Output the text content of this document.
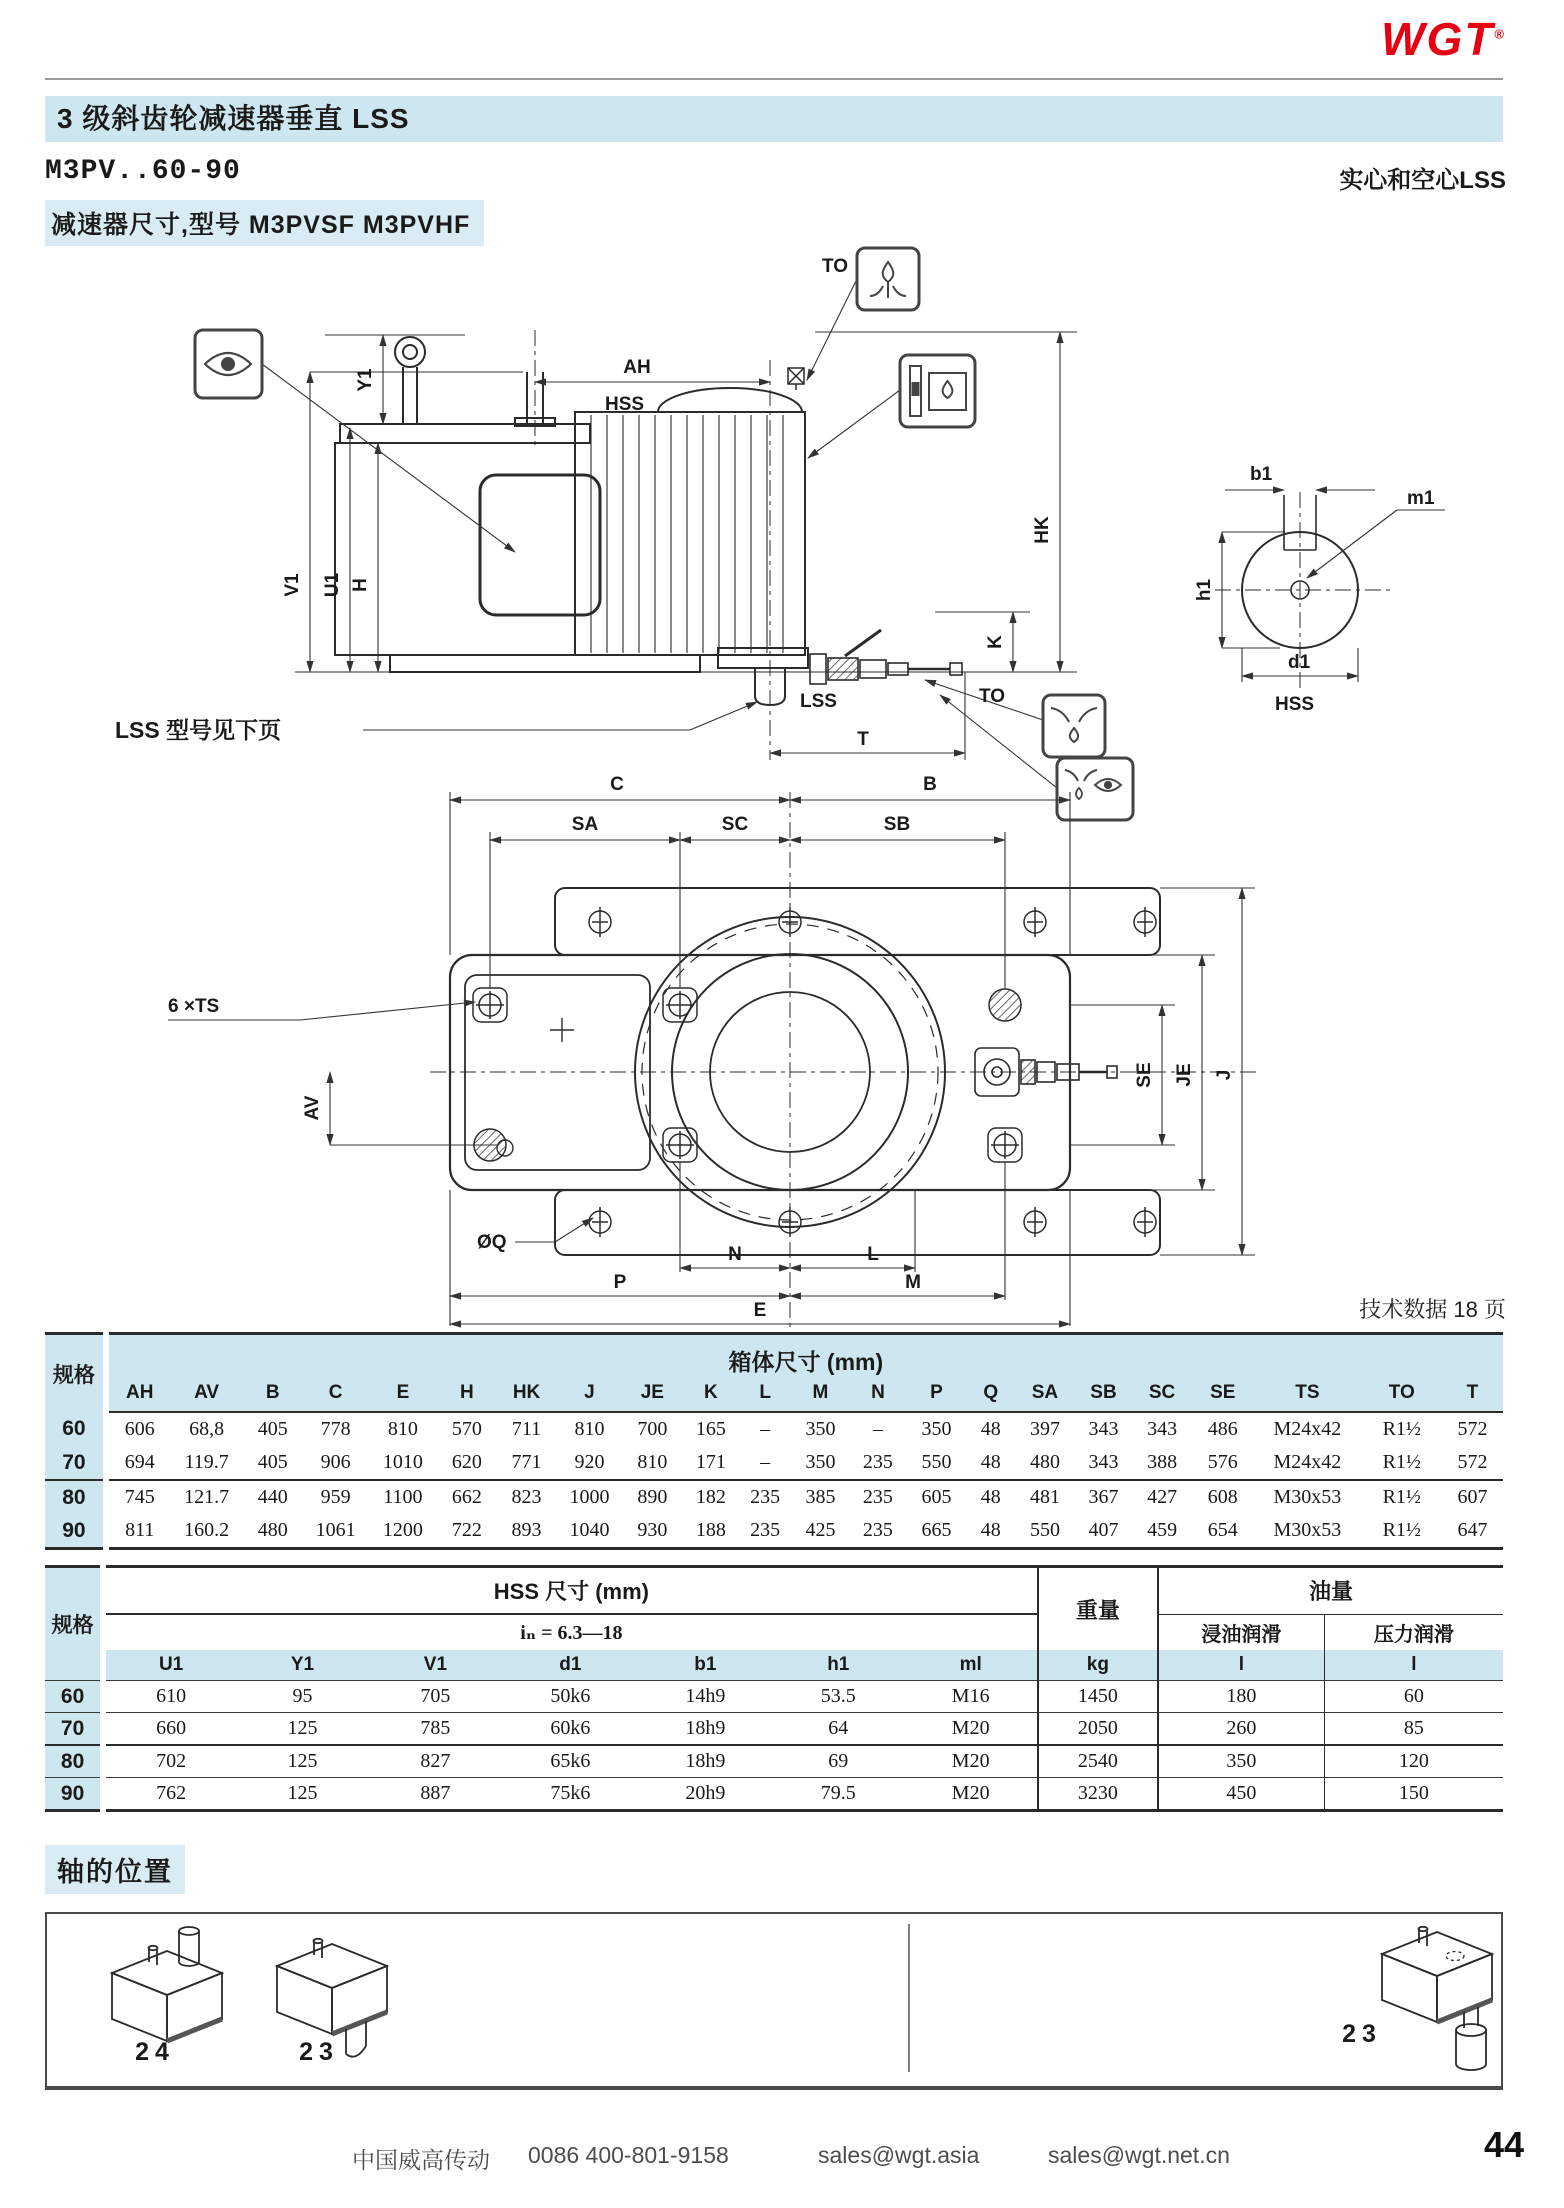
WGT®
3 级斜齿轮减速器垂直 LSS
M3PV..60-90	实心和空心LSS
减速器尺寸,型号 M3PVSF M3PVHF
AH
HSS
TO
Y1
V1 U1 H
HK
K
TO
LSS
T
LSS 型号见下页
b1
m1
h1
d1
HSS
C	B
SA	SC	SB
6 ×TS
AV
SE JE J
ØQ
N	L
P	M
E	技术数据 18 页
规格	箱体尺寸 (mm)																					
	AH	AV	B	C	E	H	HK	J	JE	K	L	M	N	P	Q	SA	SB	SC	SE	TS	TO	T
60	606	68,8	405	778	810	570	711	810	700	165	–	350	–	350	48	397	343	343	486	M24x42	R1½	572
70	694	119.7	405	906	1010	620	771	920	810	171	–	350	235	550	48	480	343	388	576	M24x42	R1½	572
80	745	121.7	440	959	1100	662	823	1000	890	182	235	385	235	605	48	481	367	427	608	M30x53	R1½	607
90	811	160.2	480	1061	1200	722	893	1040	930	188	235	425	235	665	48	550	407	459	654	M30x53	R1½	647
规格	HSS 尺寸 (mm)							重量	油量	
	iₙ = 6.3—18								浸油润滑	压力润滑
	U1	Y1	V1	d1	b1	h1	ml	kg	l	l
60	610	95	705	50k6	14h9	53.5	M16	1450	180	60
70	660	125	785	60k6	18h9	64	M20	2050	260	85
80	702	125	827	65k6	18h9	69	M20	2540	350	120
90	762	125	887	75k6	20h9	79.5	M20	3230	450	150
轴的位置
24	23
23
中国威高传动 0086 400-801-9158	sales@wgt.asia	sales@wgt.net.cn	44
